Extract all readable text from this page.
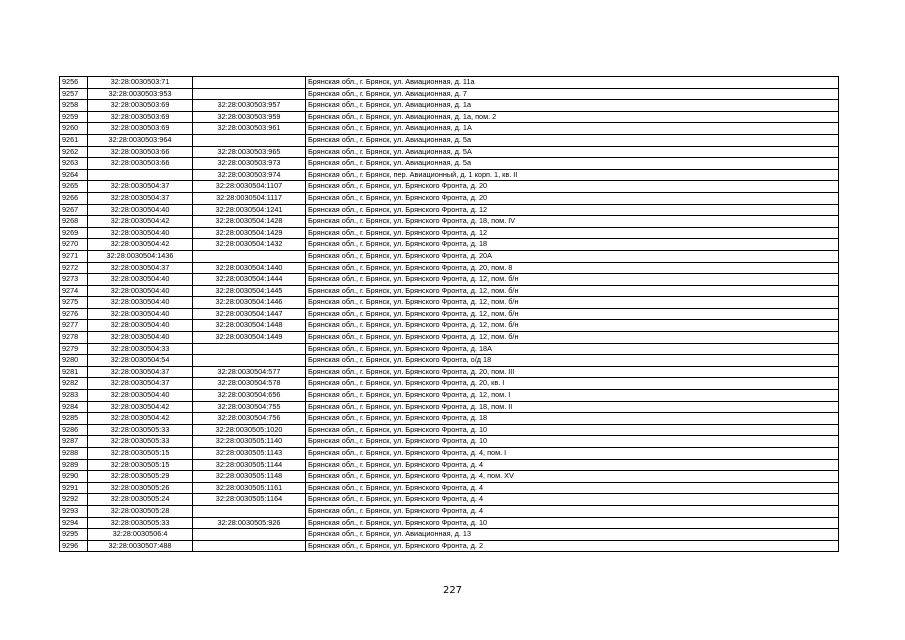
9256	32:28:0030503:71		Брянская обл., г. Брянск, ул. Авиационная, д. 11а
9257	32:28:0030503:953		Брянская обл., г. Брянск, ул. Авиационная, д. 7
9258	32:28:0030503:69	32:28:0030503:957	Брянская обл., г. Брянск, ул. Авиационная, д. 1а
9259	32:28:0030503:69	32:28:0030503:959	Брянская обл., г. Брянск, ул. Авиационная, д. 1а, пом. 2
9260	32:28:0030503:69	32:28:0030503:961	Брянская обл., г. Брянск, ул. Авиационная, д. 1А
9261	32:28:0030503:964		Брянская обл., г. Брянск, ул. Авиационная, д. 5а
9262	32:28:0030503:66	32:28:0030503:965	Брянская обл., г. Брянск, ул. Авиационная, д. 5А
9263	32:28:0030503:66	32:28:0030503:973	Брянская обл., г. Брянск, ул. Авиационная, д. 5а
9264		32:28:0030503:974	Брянская обл., г. Брянск, пер. Авиационный, д. 1 корп. 1, кв. II
9265	32:28:0030504:37	32:28:0030504:1107	Брянская обл., г. Брянск, ул. Брянского Фронта, д. 20
9266	32:28:0030504:37	32:28:0030504:1117	Брянская обл., г. Брянск, ул. Брянского Фронта, д. 20
9267	32:28:0030504:40	32:28:0030504:1241	Брянская обл., г. Брянск, ул. Брянского Фронта, д. 12
9268	32:28:0030504:42	32:28:0030504:1428	Брянская обл., г. Брянск, ул. Брянского Фронта, д. 18, пом. IV
9269	32:28:0030504:40	32:28:0030504:1429	Брянская обл., г. Брянск, ул. Брянского Фронта, д. 12
9270	32:28:0030504:42	32:28:0030504:1432	Брянская обл., г. Брянск, ул. Брянского Фронта, д. 18
9271	32:28:0030504:1436		Брянская обл., г. Брянск, ул. Брянского Фронта, д. 20А
9272	32:28:0030504:37	32:28:0030504:1440	Брянская обл., г. Брянск, ул. Брянского Фронта, д. 20, пом. 8
9273	32:28:0030504:40	32:28:0030504:1444	Брянская обл., г. Брянск, ул. Брянского Фронта, д. 12, пом. б/н
9274	32:28:0030504:40	32:28:0030504:1445	Брянская обл., г. Брянск, ул. Брянского Фронта, д. 12, пом. б/н
9275	32:28:0030504:40	32:28:0030504:1446	Брянская обл., г. Брянск, ул. Брянского Фронта, д. 12, пом. б/н
9276	32:28:0030504:40	32:28:0030504:1447	Брянская обл., г. Брянск, ул. Брянского Фронта, д. 12, пом. б/н
9277	32:28:0030504:40	32:28:0030504:1448	Брянская обл., г. Брянск, ул. Брянского Фронта, д. 12, пом. б/н
9278	32:28:0030504:40	32:28:0030504:1449	Брянская обл., г. Брянск, ул. Брянского Фронта, д. 12, пом. б/н
9279	32:28:0030504:33		Брянская обл., г. Брянск, ул. Брянского Фронта, д. 18А
9280	32:28:0030504:54		Брянская обл., г. Брянск, ул. Брянского Фронта, о/д 18
9281	32:28:0030504:37	32:28:0030504:577	Брянская обл., г. Брянск, ул. Брянского Фронта, д. 20, пом. III
9282	32:28:0030504:37	32:28:0030504:578	Брянская обл., г. Брянск, ул. Брянского Фронта, д. 20, кв. I
9283	32:28:0030504:40	32:28:0030504:656	Брянская обл., г. Брянск, ул. Брянского Фронта, д. 12, пом. I
9284	32:28:0030504:42	32:28:0030504:755	Брянская обл., г. Брянск, ул. Брянского Фронта, д. 18, пом. II
9285	32:28:0030504:42	32:28:0030504:756	Брянская обл., г. Брянск, ул. Брянского Фронта, д. 18
9286	32:28:0030505:33	32:28:0030505:1020	Брянская обл., г. Брянск, ул. Брянского Фронта, д. 10
9287	32:28:0030505:33	32:28:0030505:1140	Брянская обл., г. Брянск, ул. Брянского Фронта, д. 10
9288	32:28:0030505:15	32:28:0030505:1143	Брянская обл., г. Брянск, ул. Брянского Фронта, д. 4, пом. I
9289	32:28:0030505:15	32:28:0030505:1144	Брянская обл., г. Брянск, ул. Брянского Фронта, д. 4
9290	32:28:0030505:29	32:28:0030505:1148	Брянская обл., г. Брянск, ул. Брянского Фронта, д. 4, пом. XV
9291	32:28:0030505:26	32:28:0030505:1161	Брянская обл., г. Брянск, ул. Брянского Фронта, д. 4
9292	32:28:0030505:24	32:28:0030505:1164	Брянская обл., г. Брянск, ул. Брянского Фронта, д. 4
9293	32:28:0030505:28		Брянская обл., г. Брянск, ул. Брянского Фронта, д. 4
9294	32:28:0030505:33	32:28:0030505:926	Брянская обл., г. Брянск, ул. Брянского Фронта, д. 10
9295	32:28:0030506:4		Брянская обл., г. Брянск, ул. Авиационная, д. 13
9296	32:28:0030507:488		Брянская обл., г. Брянск, ул. Брянского Фронта, д. 2
227
